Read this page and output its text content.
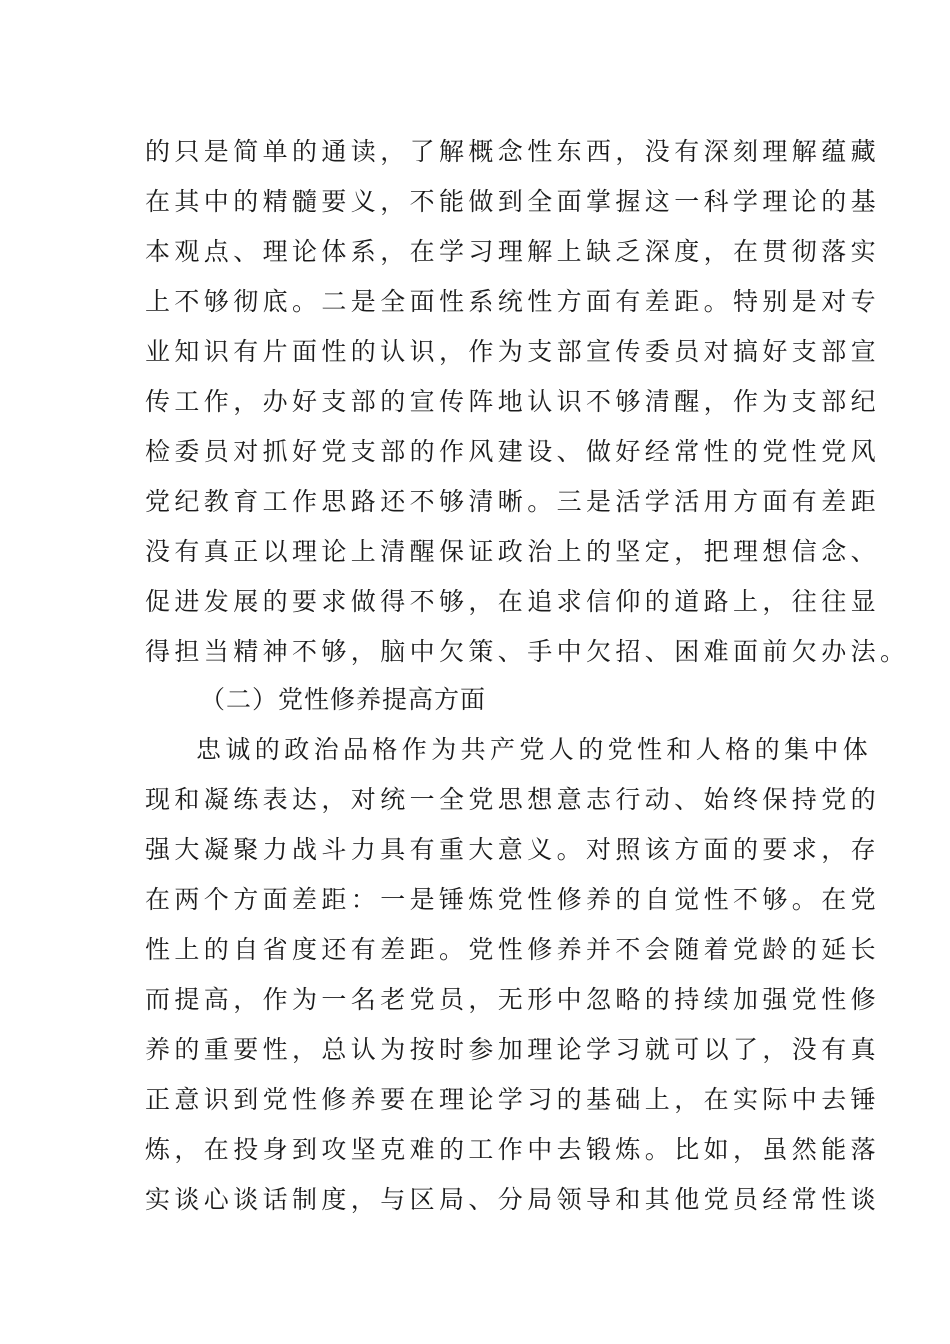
的只是简单的通读，了解概念性东西，没有深刻理解蕴藏
在其中的精髓要义，不能做到全面掌握这一科学理论的基
本观点、理论体系，在学习理解上缺乏深度，在贯彻落实
上不够彻底。二是全面性系统性方面有差距。特别是对专
业知识有片面性的认识，作为支部宣传委员对搞好支部宣
传工作，办好支部的宣传阵地认识不够清醒，作为支部纪
检委员对抓好党支部的作风建设、做好经常性的党性党风
党纪教育工作思路还不够清晰。三是活学活用方面有差距
没有真正以理论上清醒保证政治上的坚定，把理想信念、
促进发展的要求做得不够，在追求信仰的道路上，往往显
得担当精神不够，脑中欠策、手中欠招、困难面前欠办法。
（二）党性修养提高方面
忠诚的政治品格作为共产党人的党性和人格的集中体
现和凝练表达，对统一全党思想意志行动、始终保持党的
强大凝聚力战斗力具有重大意义。对照该方面的要求，存
在两个方面差距：一是锤炼党性修养的自觉性不够。在党
性上的自省度还有差距。党性修养并不会随着党龄的延长
而提高，作为一名老党员，无形中忽略的持续加强党性修
养的重要性，总认为按时参加理论学习就可以了，没有真
正意识到党性修养要在理论学习的基础上，在实际中去锤
炼，在投身到攻坚克难的工作中去锻炼。比如，虽然能落
实谈心谈话制度，与区局、分局领导和其他党员经常性谈
